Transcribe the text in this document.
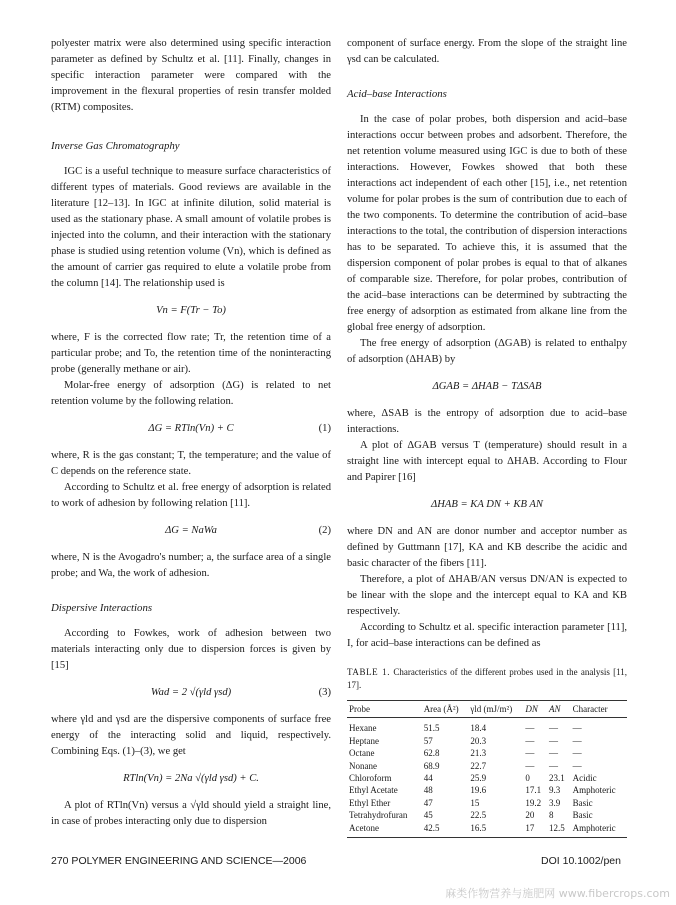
polyester matrix were also determined using specific interaction parameter as defined by Schultz et al. [11]. Finally, changes in specific interaction parameter were compared with the improvement in the flexural properties of resin transfer molded (RTM) composites.

Inverse Gas Chromatography

IGC is a useful technique to measure surface characteristics of different types of materials. Good reviews are available in the literature [12–13]. In IGC at infinite dilution, solid material is used as the stationary phase. A small amount of volatile probes is injected into the column, and their interaction with the stationary phase is studied using retention volume (Vn), which is defined as the amount of carrier gas required to elute a volatile probe from the column [14]. The relationship used is

Vn = F(Tr − To)

where, F is the corrected flow rate; Tr, the retention time of a particular probe; and To, the retention time of the noninteracting probe (generally methane or air).

Molar-free energy of adsorption (ΔG) is related to net retention volume by the following relation.

ΔG = RTln(Vn) + C	(1)

where, R is the gas constant; T, the temperature; and the value of C depends on the reference state.

According to Schultz et al. free energy of adsorption is related to work of adhesion by following relation [11].

ΔG = NaWa	(2)

where, N is the Avogadro's number; a, the surface area of a single probe; and Wa, the work of adhesion.

Dispersive Interactions

According to Fowkes, work of adhesion between two materials interacting only due to dispersion forces is given by [15]

Wad = 2 √(γld γsd)	(3)

where γld and γsd are the dispersive components of surface free energy of the interacting solid and liquid, respectively. Combining Eqs. (1)–(3), we get

RTln(Vn) = 2Na √(γld γsd) + C.

A plot of RTln(Vn) versus a √γld should yield a straight line, in case of probes interacting only due to dispersion

component of surface energy. From the slope of the straight line γsd can be calculated.

Acid–base Interactions

In the case of polar probes, both dispersion and acid–base interactions occur between probes and adsorbent. Therefore, the net retention volume measured using IGC is due to both of these interactions. However, Fowkes showed that both these interactions act independent of each other [15], i.e., net retention volume for polar probes is the sum of contribution due to each of the two components. To determine the contribution of acid–base interactions to the total, the contribution of dispersion interactions has to be separated. To achieve this, it is assumed that the dispersion component of polar probes is equal to that of alkanes of comparable size. Therefore, for polar probes, contribution of the acid–base interactions can be determined by subtracting the free energy of adsorption as estimated from alkane line from the global free energy of adsorption.

The free energy of adsorption (ΔGAB) is related to enthalpy of adsorption (ΔHAB) by

ΔGAB = ΔHAB − TΔSAB

where, ΔSAB is the entropy of adsorption due to acid–base interactions.

A plot of ΔGAB versus T (temperature) should result in a straight line with intercept equal to ΔHAB. According to Flour and Papirer [16]

ΔHAB = KA DN + KB AN

where DN and AN are donor number and acceptor number as defined by Guttmann [17], KA and KB describe the acidic and basic character of the fibers [11].

Therefore, a plot of ΔHAB/AN versus DN/AN is expected to be linear with the slope and the intercept equal to KA and KB respectively.

According to Schultz et al. specific interaction parameter [11], I, for acid–base interactions can be defined as

TABLE 1. Characteristics of the different probes used in the analysis [11, 17].
Probe	Area (Å²)	γld (mJ/m²)	DN	AN	Character
Hexane	51.5	18.4	—	—	—
Heptane	57	20.3	—	—	—
Octane	62.8	21.3	—	—	—
Nonane	68.9	22.7	—	—	—
Chloroform	44	25.9	0	23.1	Acidic
Ethyl Acetate	48	19.6	17.1	9.3	Amphoteric
Ethyl Ether	47	15	19.2	3.9	Basic
Tetrahydrofuran	45	22.5	20	8	Basic
Acetone	42.5	16.5	17	12.5	Amphoteric
270 POLYMER ENGINEERING AND SCIENCE—2006	DOI 10.1002/pen
麻类作物营养与施肥网 www.fibercrops.com
